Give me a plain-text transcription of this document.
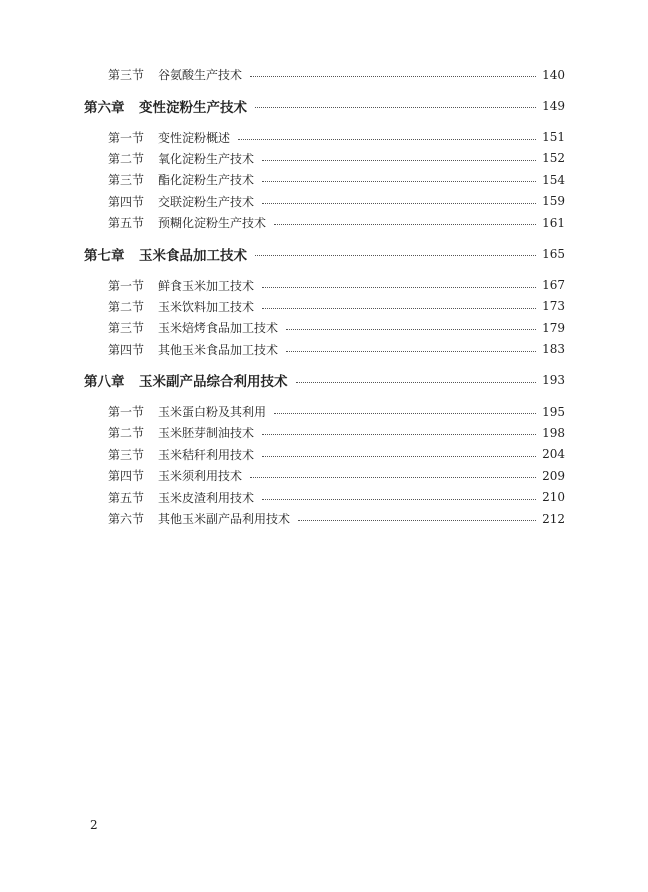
第三节	谷氨酸生产技术	140
第六章	变性淀粉生产技术	149
第一节	变性淀粉概述	151
第二节	氧化淀粉生产技术	152
第三节	酯化淀粉生产技术	154
第四节	交联淀粉生产技术	159
第五节	预糊化淀粉生产技术	161
第七章	玉米食品加工技术	165
第一节	鲜食玉米加工技术	167
第二节	玉米饮料加工技术	173
第三节	玉米焙烤食品加工技术	179
第四节	其他玉米食品加工技术	183
第八章	玉米副产品综合利用技术	193
第一节	玉米蛋白粉及其利用	195
第二节	玉米胚芽制油技术	198
第三节	玉米秸秆利用技术	204
第四节	玉米须利用技术	209
第五节	玉米皮渣利用技术	210
第六节	其他玉米副产品利用技术	212
2
